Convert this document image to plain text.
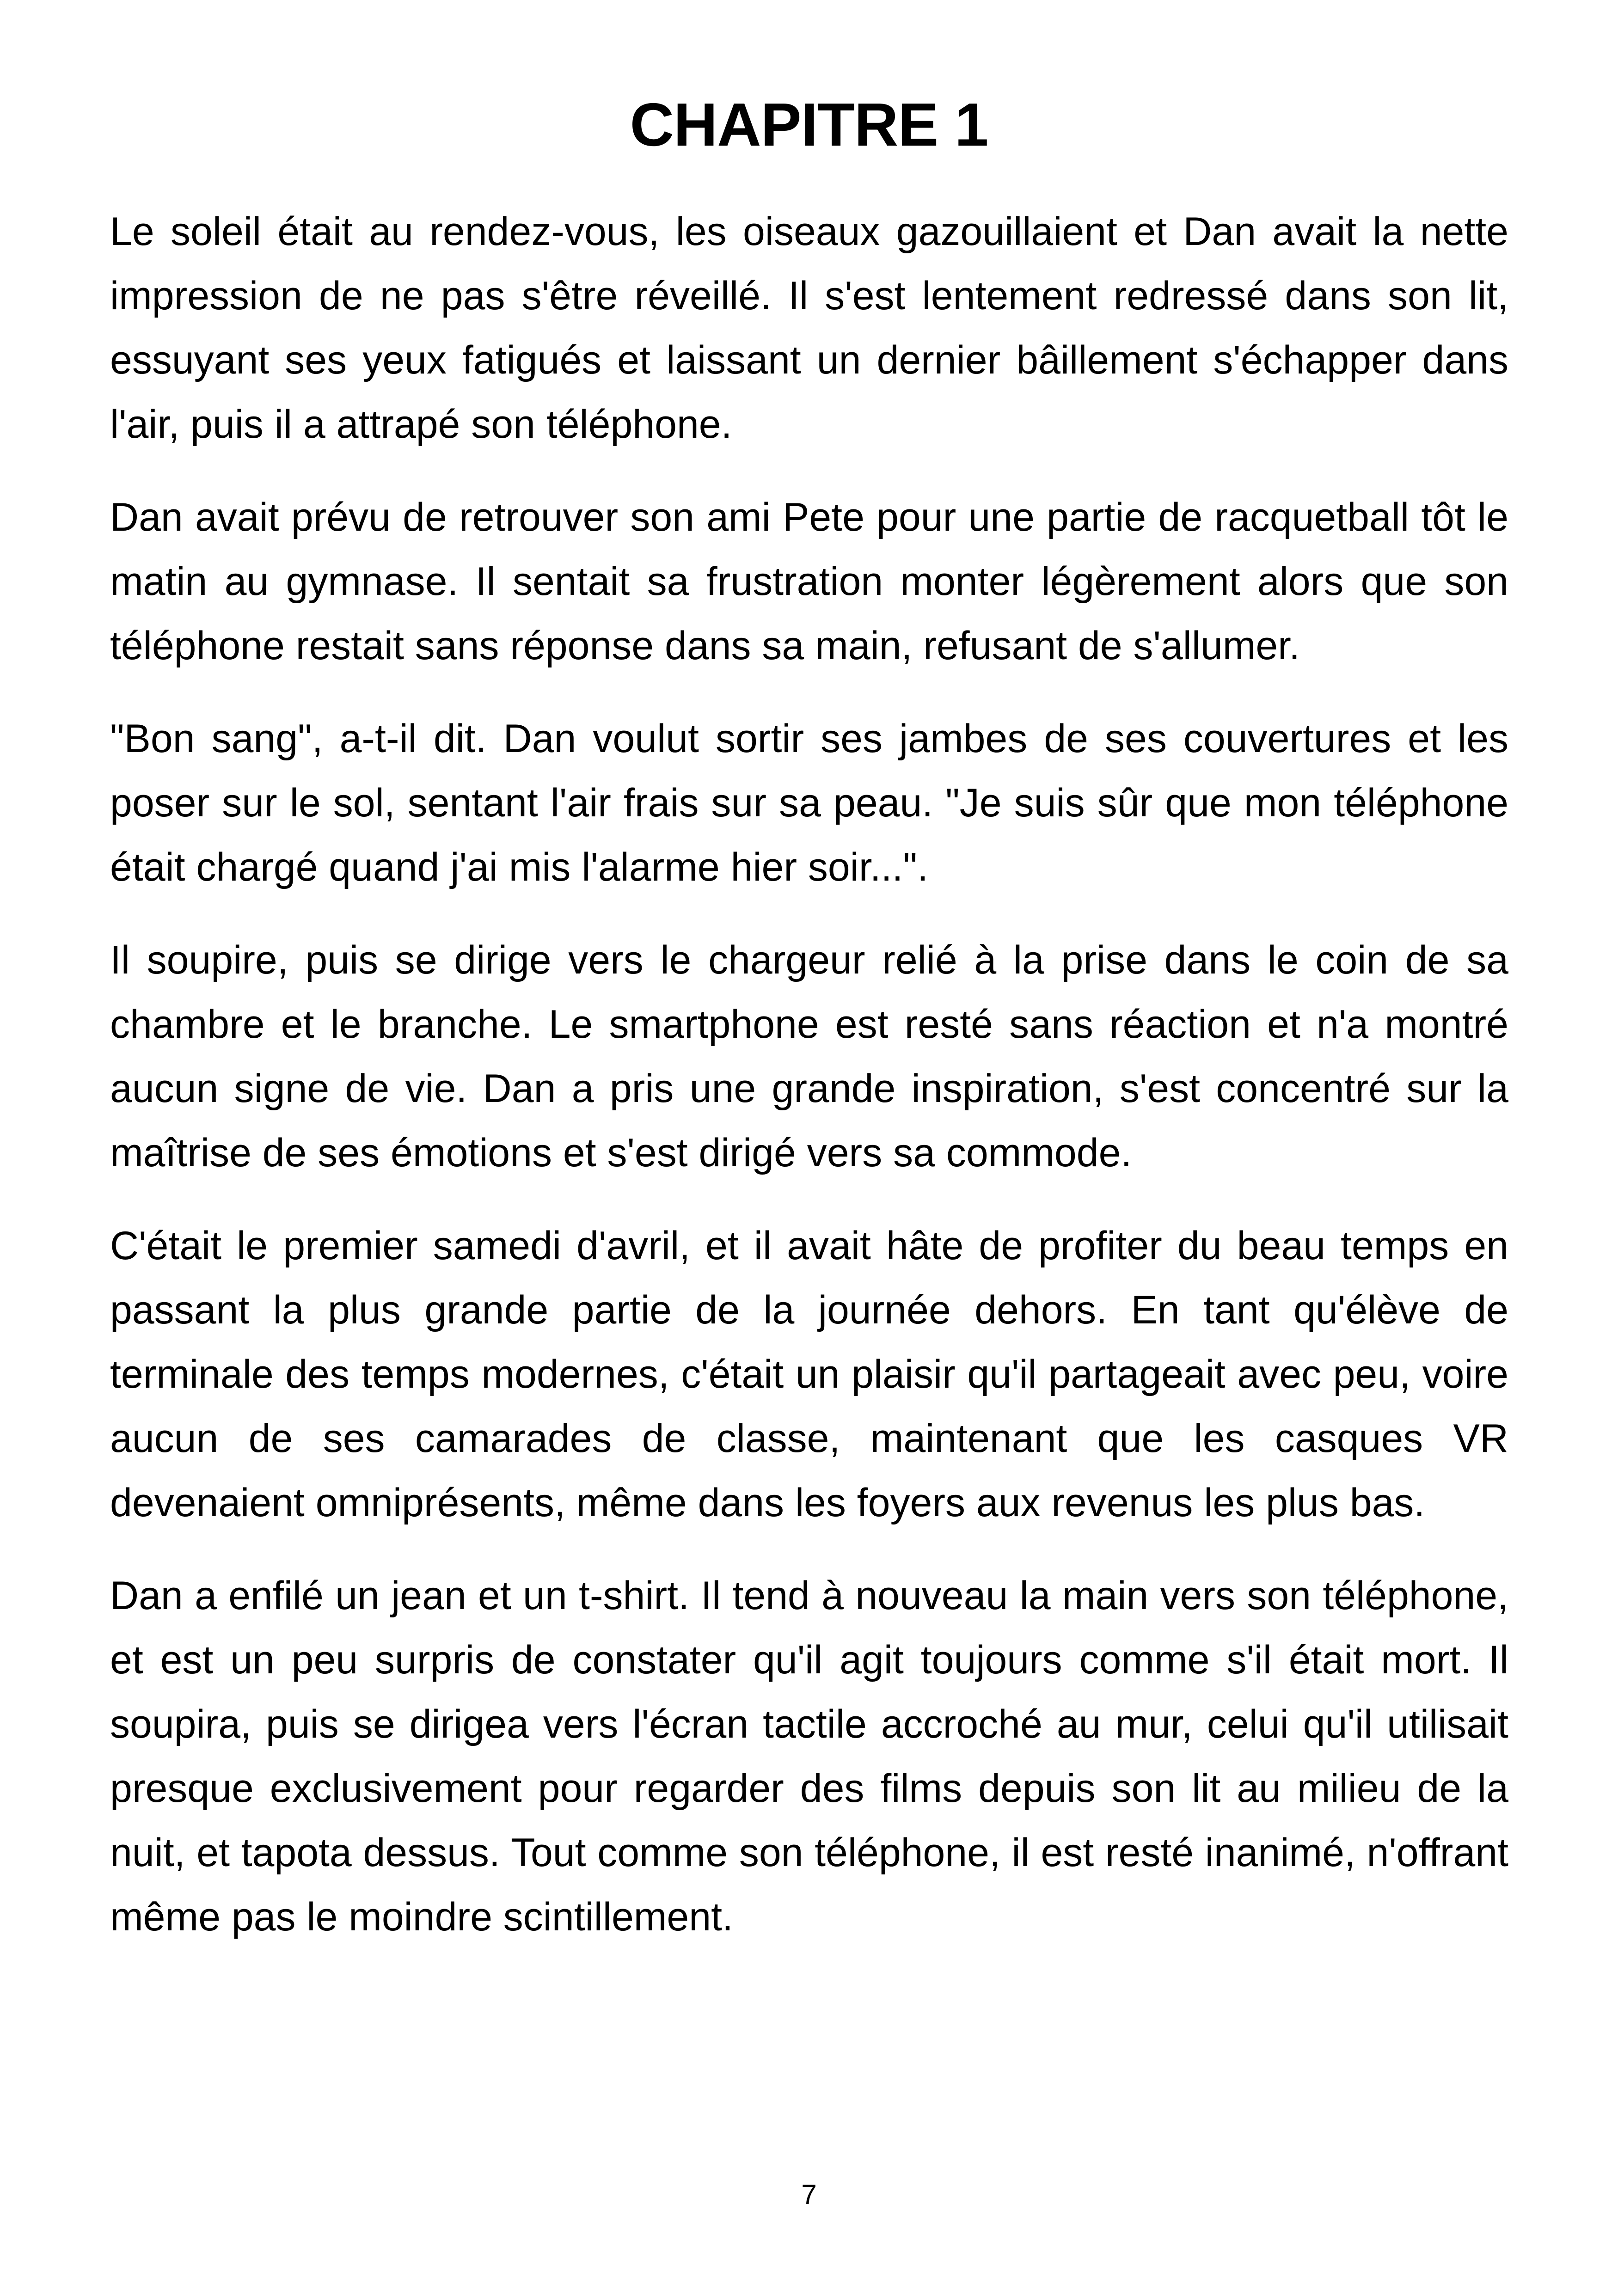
CHAPITRE 1

Le soleil était au rendez-vous, les oiseaux gazouillaient et Dan avait la nette impression de ne pas s'être réveillé. Il s'est lentement redressé dans son lit, essuyant ses yeux fatigués et laissant un dernier bâillement s'échapper dans l'air, puis il a attrapé son téléphone.

Dan avait prévu de retrouver son ami Pete pour une partie de racquetball tôt le matin au gymnase. Il sentait sa frustration monter légèrement alors que son téléphone restait sans réponse dans sa main, refusant de s'allumer.

"Bon sang", a-t-il dit. Dan voulut sortir ses jambes de ses couvertures et les poser sur le sol, sentant l'air frais sur sa peau. "Je suis sûr que mon téléphone était chargé quand j'ai mis l'alarme hier soir...".

Il soupire, puis se dirige vers le chargeur relié à la prise dans le coin de sa chambre et le branche. Le smartphone est resté sans réaction et n'a montré aucun signe de vie. Dan a pris une grande inspiration, s'est concentré sur la maîtrise de ses émotions et s'est dirigé vers sa commode.

C'était le premier samedi d'avril, et il avait hâte de profiter du beau temps en passant la plus grande partie de la journée dehors. En tant qu'élève de terminale des temps modernes, c'était un plaisir qu'il partageait avec peu, voire aucun de ses camarades de classe, maintenant que les casques VR devenaient omniprésents, même dans les foyers aux revenus les plus bas.

Dan a enfilé un jean et un t-shirt. Il tend à nouveau la main vers son téléphone, et est un peu surpris de constater qu'il agit toujours comme s'il était mort. Il soupira, puis se dirigea vers l'écran tactile accroché au mur, celui qu'il utilisait presque exclusivement pour regarder des films depuis son lit au milieu de la nuit, et tapota dessus. Tout comme son téléphone, il est resté inanimé, n'offrant même pas le moindre scintillement.

7
